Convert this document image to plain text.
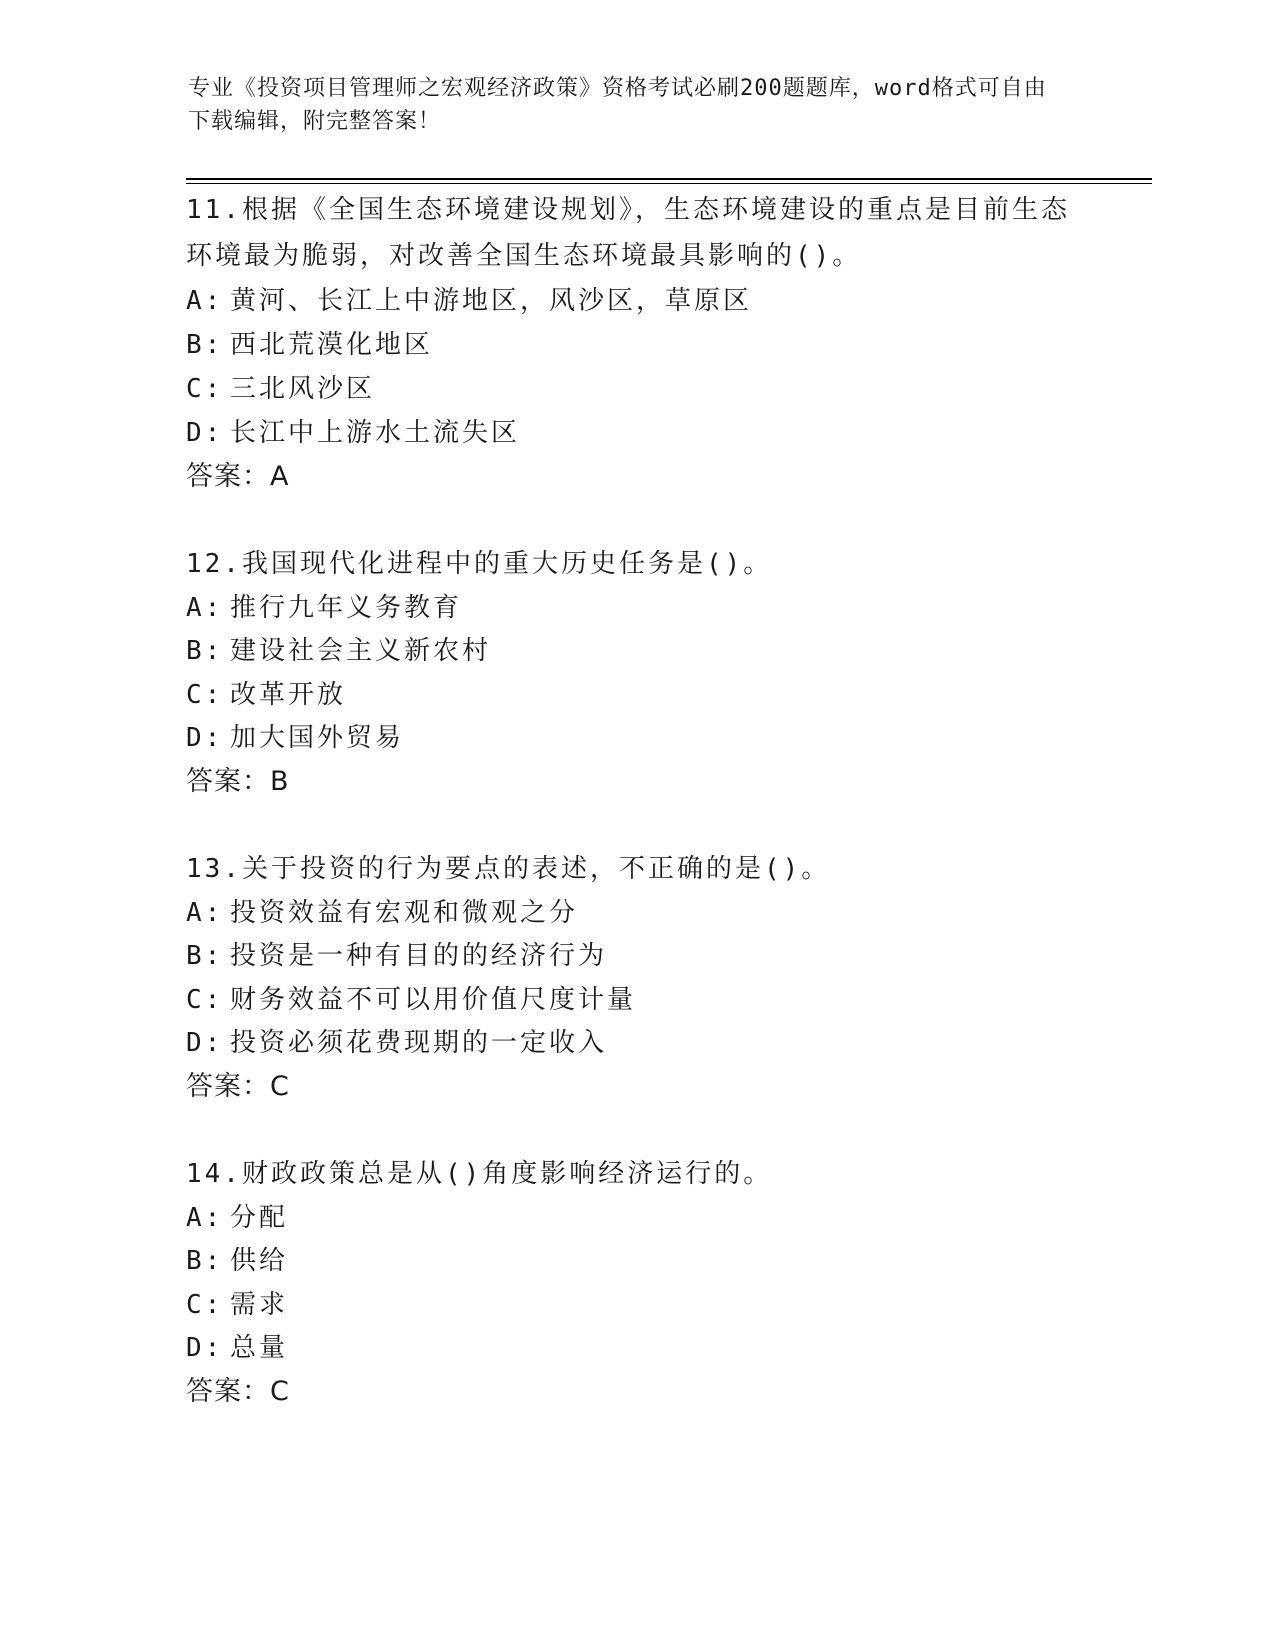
专业《投资项目管理师之宏观经济政策》资格考试必刷200题题库，word格式可自由下载编辑，附完整答案！
11.根据《全国生态环境建设规划》，生态环境建设的重点是目前生态环境最为脆弱，对改善全国生态环境最具影响的()。
A: 黄河、长江上中游地区，风沙区，草原区
B: 西北荒漠化地区
C: 三北风沙区
D: 长江中上游水土流失区
答案：A
12.我国现代化进程中的重大历史任务是()。
A: 推行九年义务教育
B: 建设社会主义新农村
C: 改革开放
D: 加大国外贸易
答案：B
13.关于投资的行为要点的表述，不正确的是()。
A: 投资效益有宏观和微观之分
B: 投资是一种有目的的经济行为
C: 财务效益不可以用价值尺度计量
D: 投资必须花费现期的一定收入
答案：C
14.财政政策总是从()角度影响经济运行的。
A: 分配
B: 供给
C: 需求
D: 总量
答案：C
